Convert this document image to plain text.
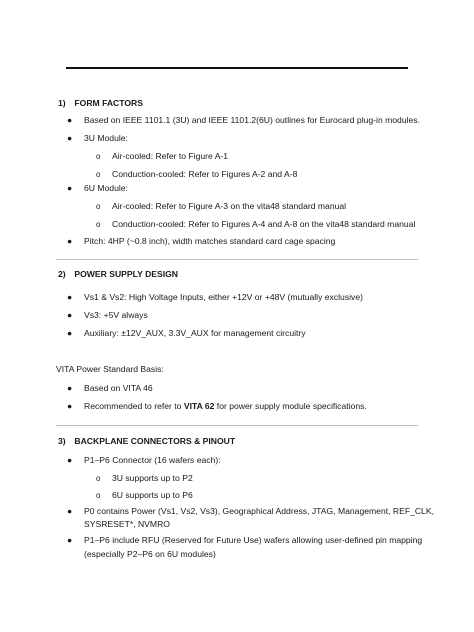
1) FORM FACTORS
● Based on IEEE 1101.1 (3U) and IEEE 1101.2(6U) outlines for Eurocard plug-in modules.
● 3U Module:
o Air-cooled: Refer to Figure A-1
o Conduction-cooled: Refer to Figures A-2 and A-8
● 6U Module:
o Air-cooled: Refer to Figure A-3 on the vita48 standard manual
o Conduction-cooled: Refer to Figures A-4 and A-8 on the vita48 standard manual
● Pitch: 4HP (~0.8 inch), width matches standard card cage spacing
2) POWER SUPPLY DESIGN
● Vs1 & Vs2: High Voltage Inputs, either +12V or +48V (mutually exclusive)
● Vs3: +5V always
● Auxiliary: ±12V_AUX, 3.3V_AUX for management circuitry
VITA Power Standard Basis:
● Based on VITA 46
● Recommended to refer to VITA 62 for power supply module specifications.
3) BACKPLANE CONNECTORS & PINOUT
● P1–P6 Connector (16 wafers each):
o 3U supports up to P2
o 6U supports up to P6
● P0 contains Power (Vs1, Vs2, Vs3), Geographical Address, JTAG, Management, REF_CLK,
SYSRESET*, NVMRO
● P1–P6 include RFU (Reserved for Future Use) wafers allowing user-defined pin mapping
(especially P2–P6 on 6U modules)
